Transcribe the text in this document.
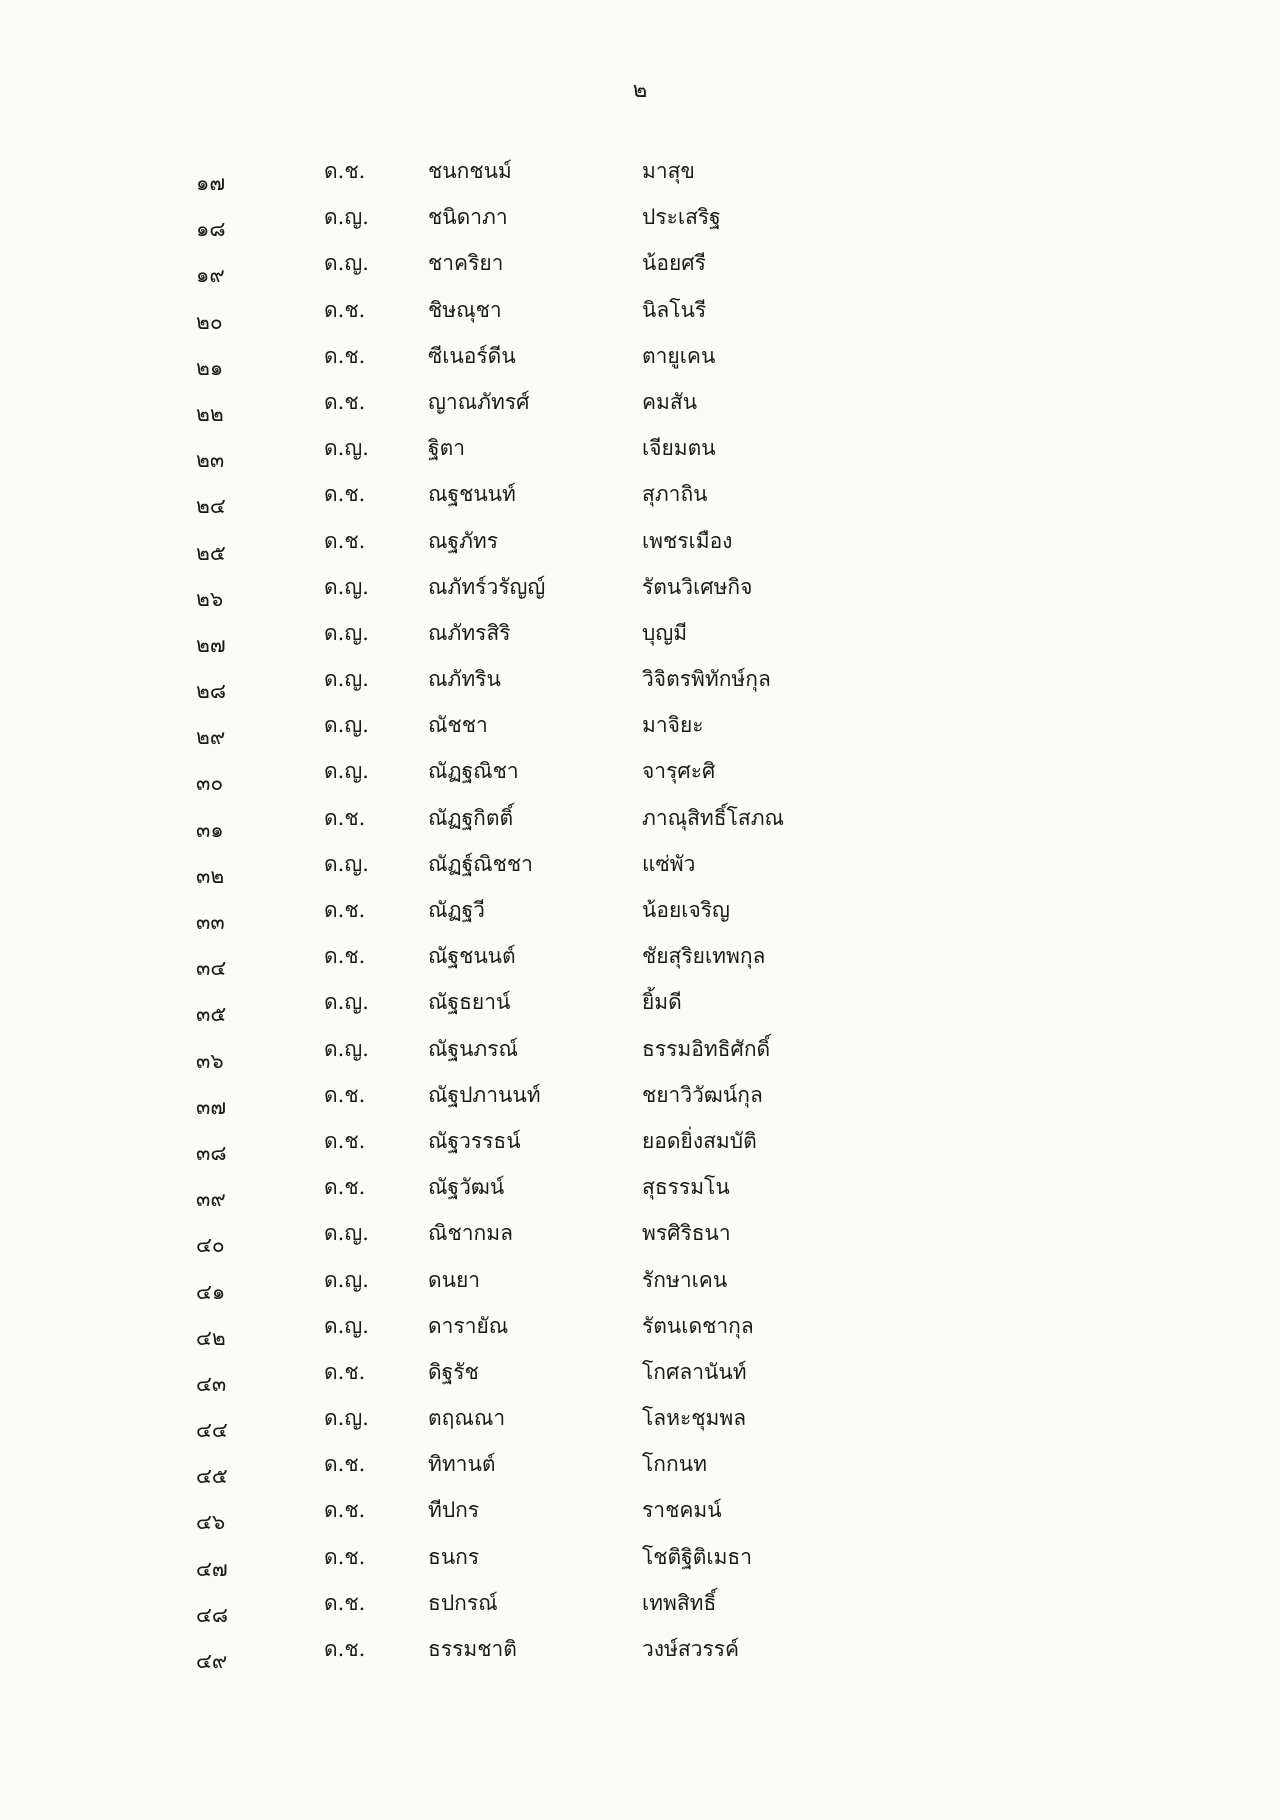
๒
๑๗	ด.ช.	ชนกชนม์	มาสุข
๑๘	ด.ญ.	ชนิดาภา	ประเสริฐ
๑๙	ด.ญ.	ชาคริยา	น้อยศรี
๒๐	ด.ช.	ชิษณุชา	นิลโนรี
๒๑	ด.ช.	ซีเนอร์ดีน	ตายูเคน
๒๒	ด.ช.	ญาณภัทรศ์	คมสัน
๒๓	ด.ญ.	ฐิตา	เจียมตน
๒๔	ด.ช.	ณฐชนนท์	สุภาถิน
๒๕	ด.ช.	ณฐภัทร	เพชรเมือง
๒๖	ด.ญ.	ณภัทร์วรัญญ์	รัตนวิเศษกิจ
๒๗	ด.ญ.	ณภัทรสิริ	บุญมี
๒๘	ด.ญ.	ณภัทริน	วิจิตรพิทักษ์กุล
๒๙	ด.ญ.	ณัชชา	มาจิยะ
๓๐	ด.ญ.	ณัฏฐณิชา	จารุศะศิ
๓๑	ด.ช.	ณัฏฐกิตติ์	ภาณุสิทธิ์โสภณ
๓๒	ด.ญ.	ณัฏฐ์ณิชชา	แซ่พัว
๓๓	ด.ช.	ณัฏฐวี	น้อยเจริญ
๓๔	ด.ช.	ณัฐชนนต์	ชัยสุริยเทพกุล
๓๕	ด.ญ.	ณัฐธยาน์	ยิ้มดี
๓๖	ด.ญ.	ณัฐนภรณ์	ธรรมอิทธิศักดิ์
๓๗	ด.ช.	ณัฐปภานนท์	ชยาวิวัฒน์กุล
๓๘	ด.ช.	ณัฐวรรธน์	ยอดยิ่งสมบัติ
๓๙	ด.ช.	ณัฐวัฒน์	สุธรรมโน
๔๐	ด.ญ.	ณิชากมล	พรศิริธนา
๔๑	ด.ญ.	ดนยา	รักษาเคน
๔๒	ด.ญ.	ดารายัณ	รัตนเดชากุล
๔๓	ด.ช.	ดิฐรัช	โกศลานันท์
๔๔	ด.ญ.	ตฤณณา	โลหะชุมพล
๔๕	ด.ช.	ทิทานต์	โกกนท
๔๖	ด.ช.	ทีปกร	ราชคมน์
๔๗	ด.ช.	ธนกร	โชติฐิติเมธา
๔๘	ด.ช.	ธปกรณ์	เทพสิทธิ์
๔๙	ด.ช.	ธรรมชาติ	วงษ์สวรรค์
